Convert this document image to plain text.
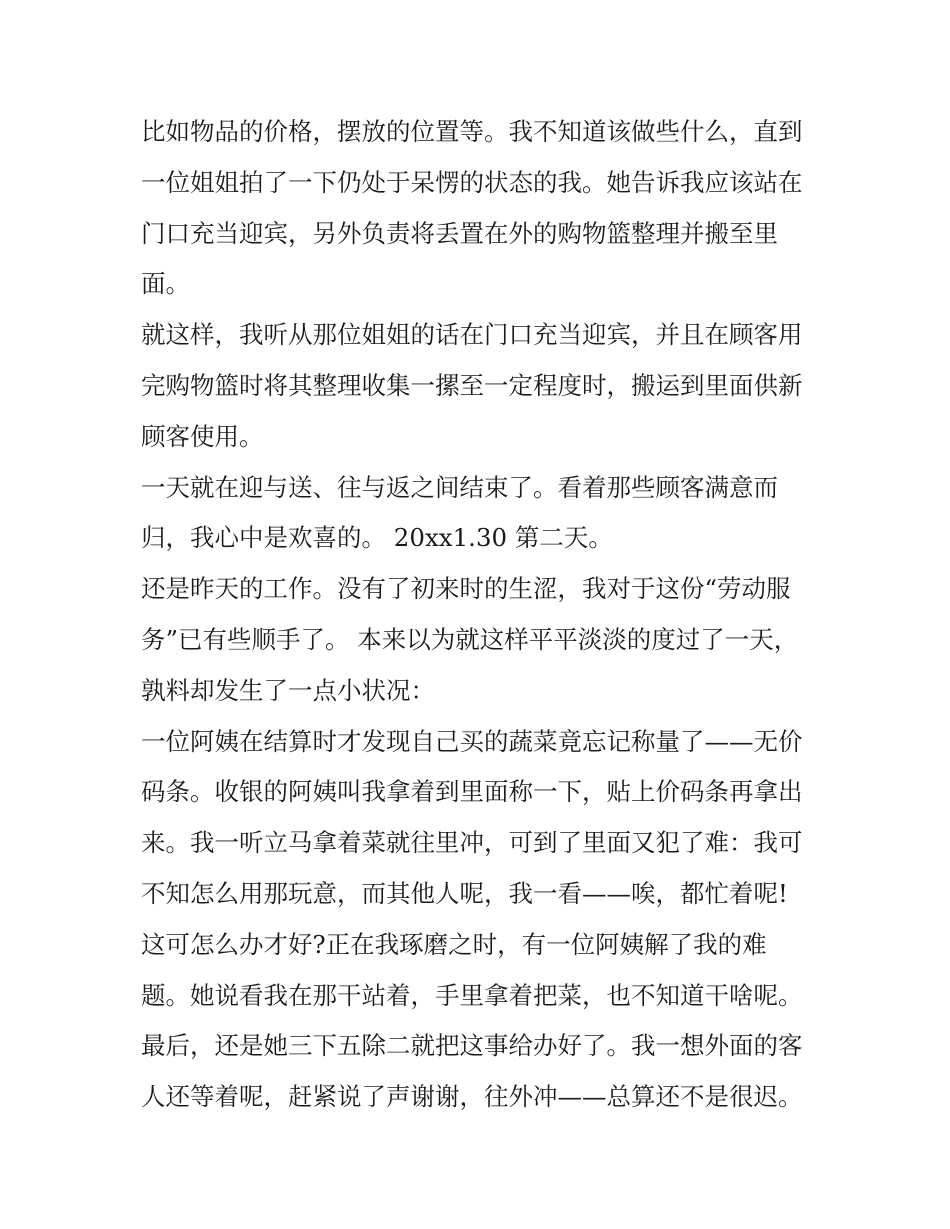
比如物品的价格，摆放的位置等。我不知道该做些什么，直到
一位姐姐拍了一下仍处于呆愣的状态的我。她告诉我应该站在
门口充当迎宾，另外负责将丢置在外的购物篮整理并搬至里
面。
就这样，我听从那位姐姐的话在门口充当迎宾，并且在顾客用
完购物篮时将其整理收集一摞至一定程度时，搬运到里面供新
顾客使用。
一天就在迎与送、往与返之间结束了。看着那些顾客满意而
归，我心中是欢喜的。 20xx1.30 第二天。
还是昨天的工作。没有了初来时的生涩，我对于这份“劳动服
务”已有些顺手了。 本来以为就这样平平淡淡的度过了一天，
孰料却发生了一点小状况：
一位阿姨在结算时才发现自己买的蔬菜竟忘记称量了——无价
码条。收银的阿姨叫我拿着到里面称一下，贴上价码条再拿出
来。我一听立马拿着菜就往里冲，可到了里面又犯了难：我可
不知怎么用那玩意，而其他人呢，我一看——唉，都忙着呢!
这可怎么办才好?正在我琢磨之时，有一位阿姨解了我的难
题。她说看我在那干站着，手里拿着把菜，也不知道干啥呢。
最后，还是她三下五除二就把这事给办好了。我一想外面的客
人还等着呢，赶紧说了声谢谢，往外冲——总算还不是很迟。
